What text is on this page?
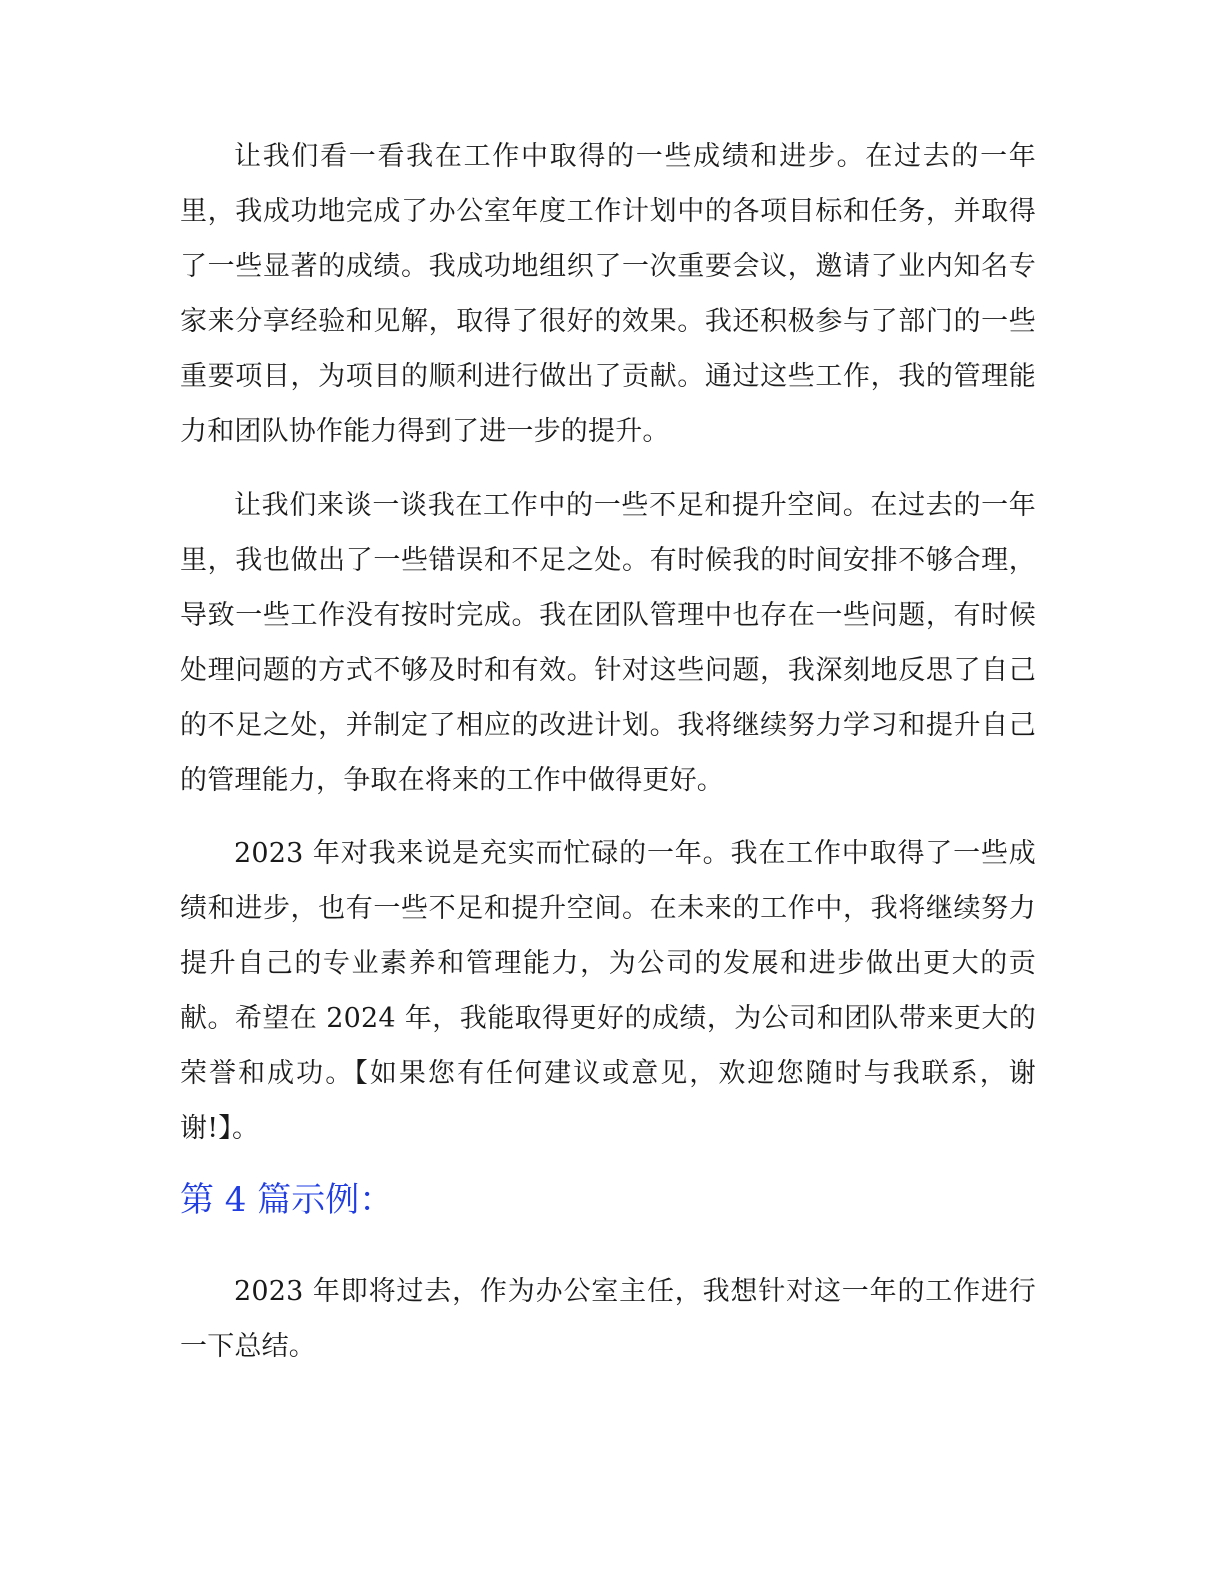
让我们看一看我在工作中取得的一些成绩和进步。在过去的一年里，我成功地完成了办公室年度工作计划中的各项目标和任务，并取得了一些显著的成绩。我成功地组织了一次重要会议，邀请了业内知名专家来分享经验和见解，取得了很好的效果。我还积极参与了部门的一些重要项目，为项目的顺利进行做出了贡献。通过这些工作，我的管理能力和团队协作能力得到了进一步的提升。

让我们来谈一谈我在工作中的一些不足和提升空间。在过去的一年里，我也做出了一些错误和不足之处。有时候我的时间安排不够合理，导致一些工作没有按时完成。我在团队管理中也存在一些问题，有时候处理问题的方式不够及时和有效。针对这些问题，我深刻地反思了自己的不足之处，并制定了相应的改进计划。我将继续努力学习和提升自己的管理能力，争取在将来的工作中做得更好。

2023 年对我来说是充实而忙碌的一年。我在工作中取得了一些成绩和进步，也有一些不足和提升空间。在未来的工作中，我将继续努力提升自己的专业素养和管理能力，为公司的发展和进步做出更大的贡献。希望在 2024 年，我能取得更好的成绩，为公司和团队带来更大的荣誉和成功。【如果您有任何建议或意见，欢迎您随时与我联系，谢谢!】。

第 4 篇示例：

2023 年即将过去，作为办公室主任，我想针对这一年的工作进行一下总结。
